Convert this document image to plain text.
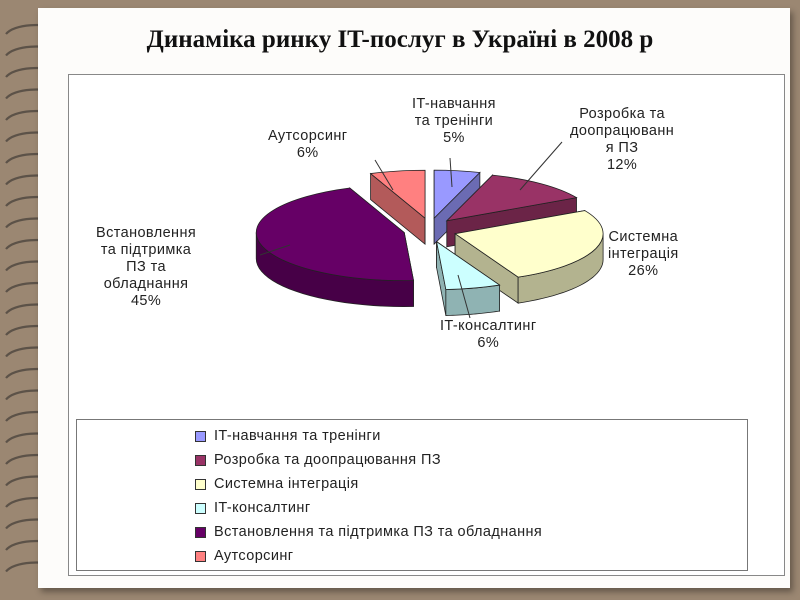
Динаміка ринку IT-послуг в Україні в 2008 р
IT-навчання
та тренінги
5%
Розробка та
доопрацюванн
я ПЗ
12%
Системна
інтеграція
26%
IT-консалтинг
6%
Встановлення
та підтримка
ПЗ та
обладнання
45%
Аутсорсинг
6%
IT-навчання та тренінги
Розробка та доопрацювання ПЗ
Системна інтеграція
IT-консалтинг
Встановлення та підтримка ПЗ та обладнання
Аутсорсинг
